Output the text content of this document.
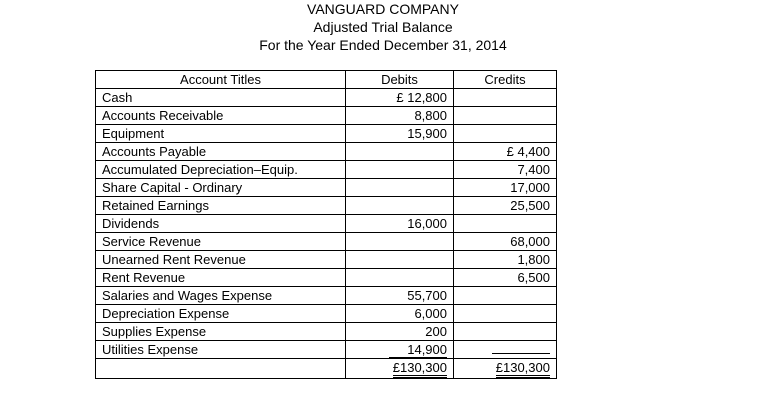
VANGUARD COMPANY
Adjusted Trial Balance
For the Year Ended December 31, 2014
Account Titles	Debits	Credits
Cash	£ 12,800	
Accounts Receivable	8,800	
Equipment	15,900	
Accounts Payable		£ 4,400
Accumulated Depreciation–Equip.		7,400
Share Capital - Ordinary		17,000
Retained Earnings		25,500
Dividends	16,000	
Service Revenue		68,000
Unearned Rent Revenue		1,800
Rent Revenue		6,500
Salaries and Wages Expense	55,700	
Depreciation Expense	6,000	
Supplies Expense	200	
Utilities Expense	14,900	
	£130,300	£130,300
